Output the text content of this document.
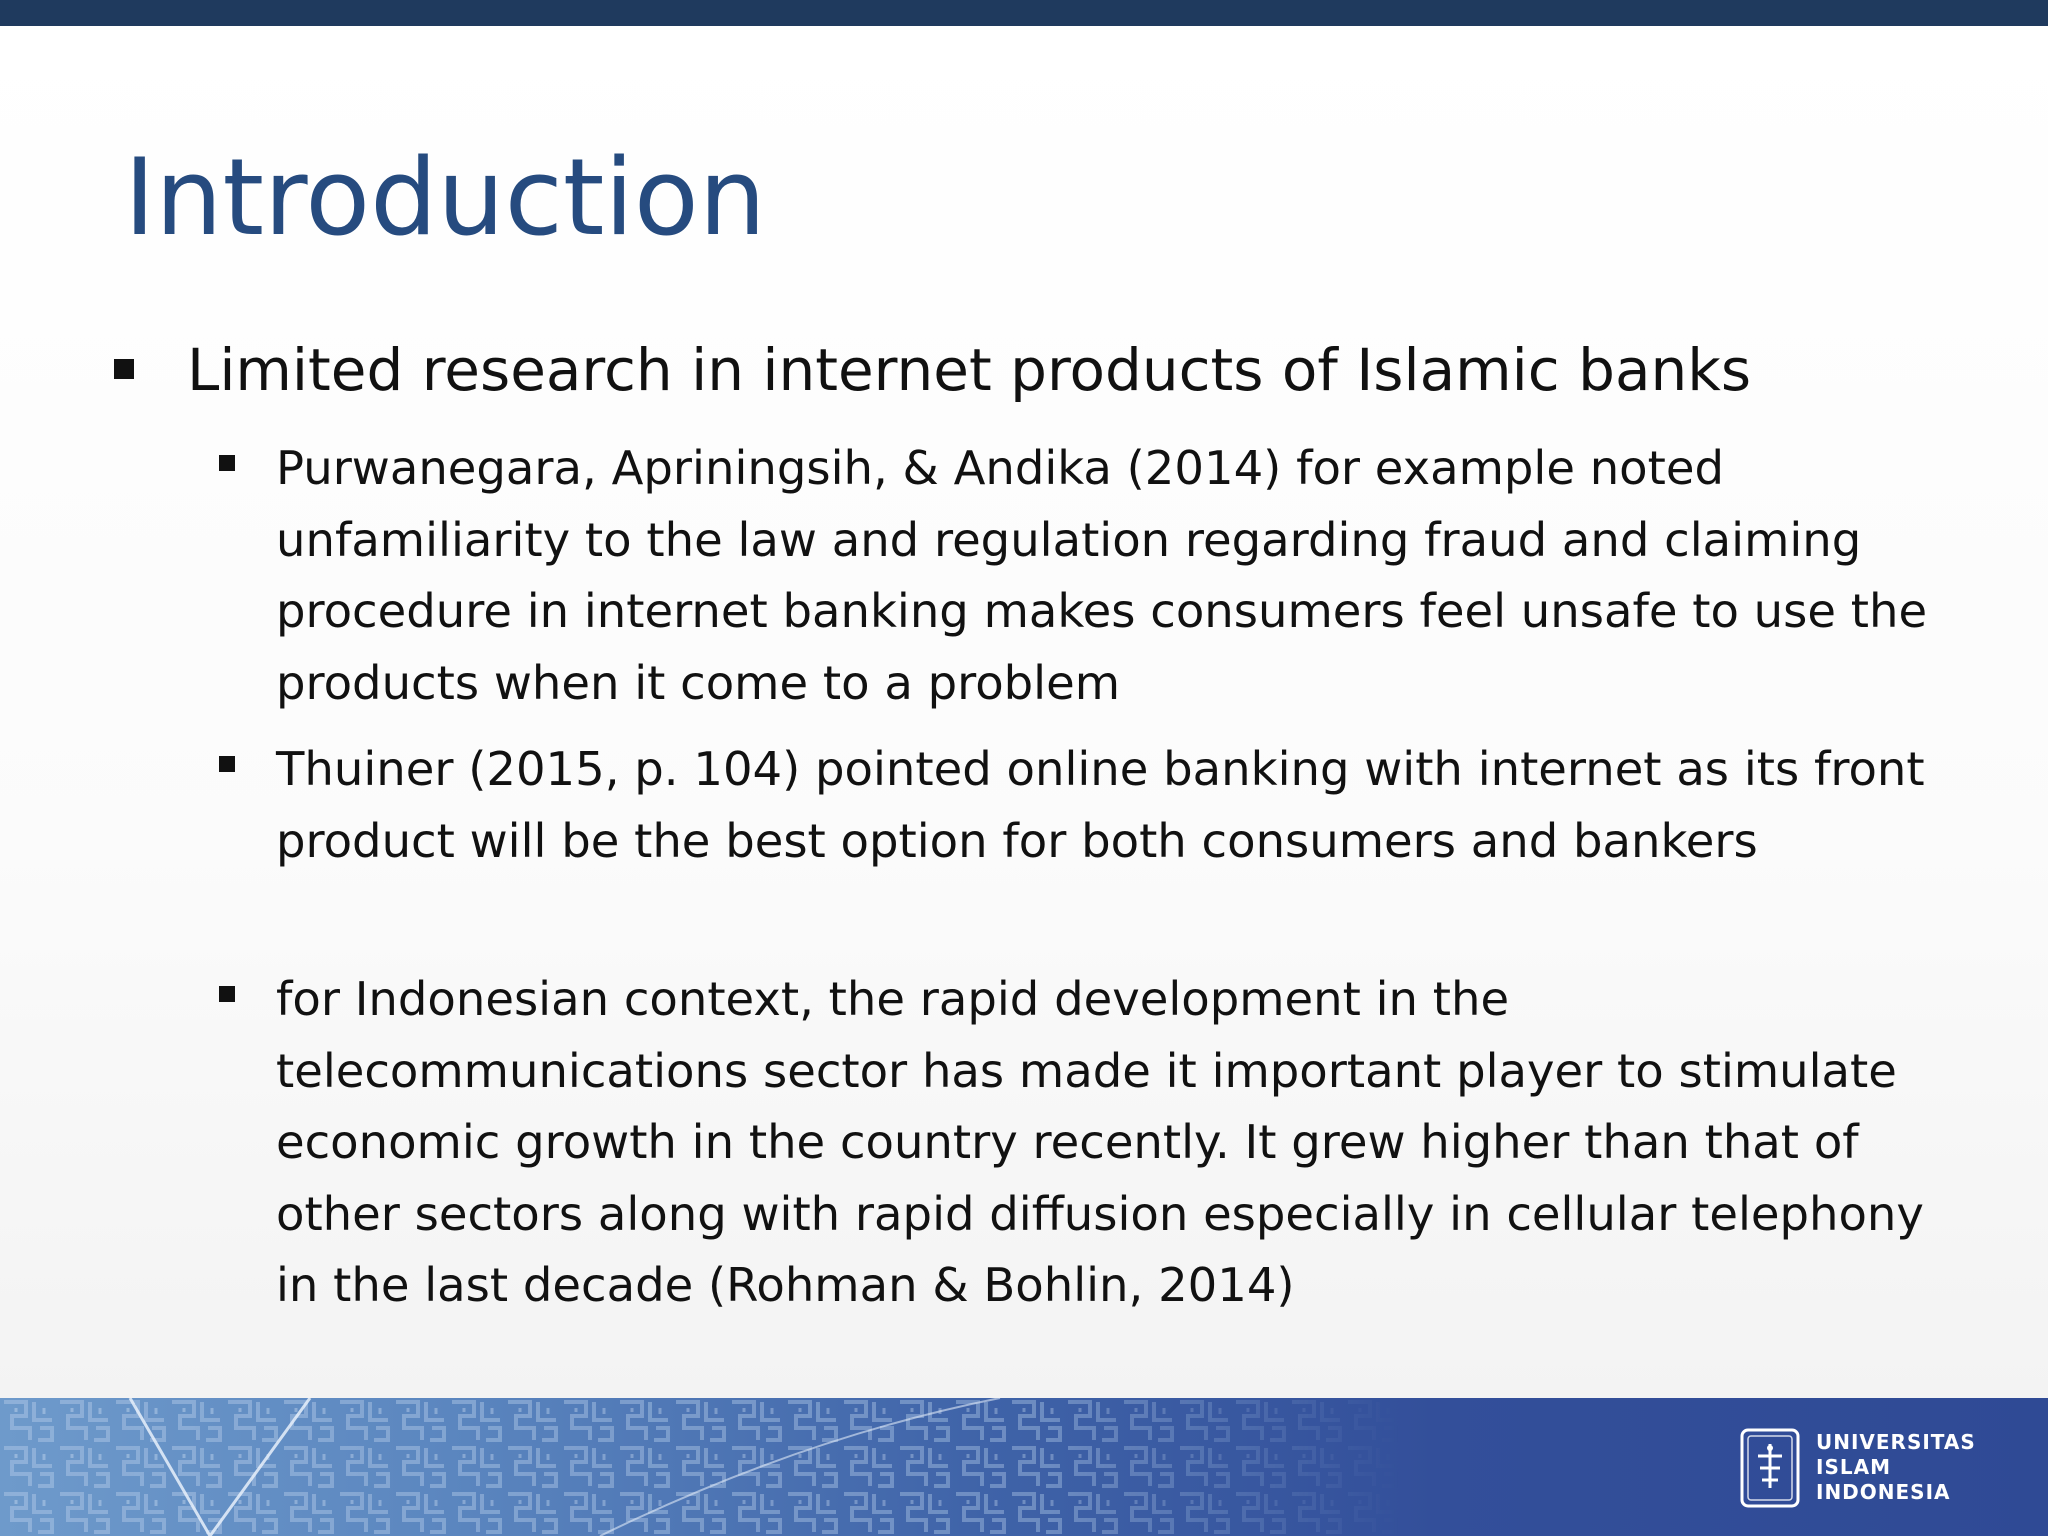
Introduction
Limited research in internet products of Islamic banks

Purwanegara, Apriningsih, & Andika (2014) for example noted unfamiliarity to the law and regulation regarding fraud and claiming procedure in internet banking makes consumers feel unsafe to use the products when it come to a problem

Thuiner (2015, p. 104) pointed online banking with internet as its front product will be the best option for both consumers and bankers

for Indonesian context, the rapid development in the telecommunications sector has made it important player to stimulate economic growth in the country recently. It grew higher than that of other sectors along with rapid diffusion especially in cellular telephony in the last decade (Rohman & Bohlin, 2014)

UNIVERSITAS
ISLAM
INDONESIA
